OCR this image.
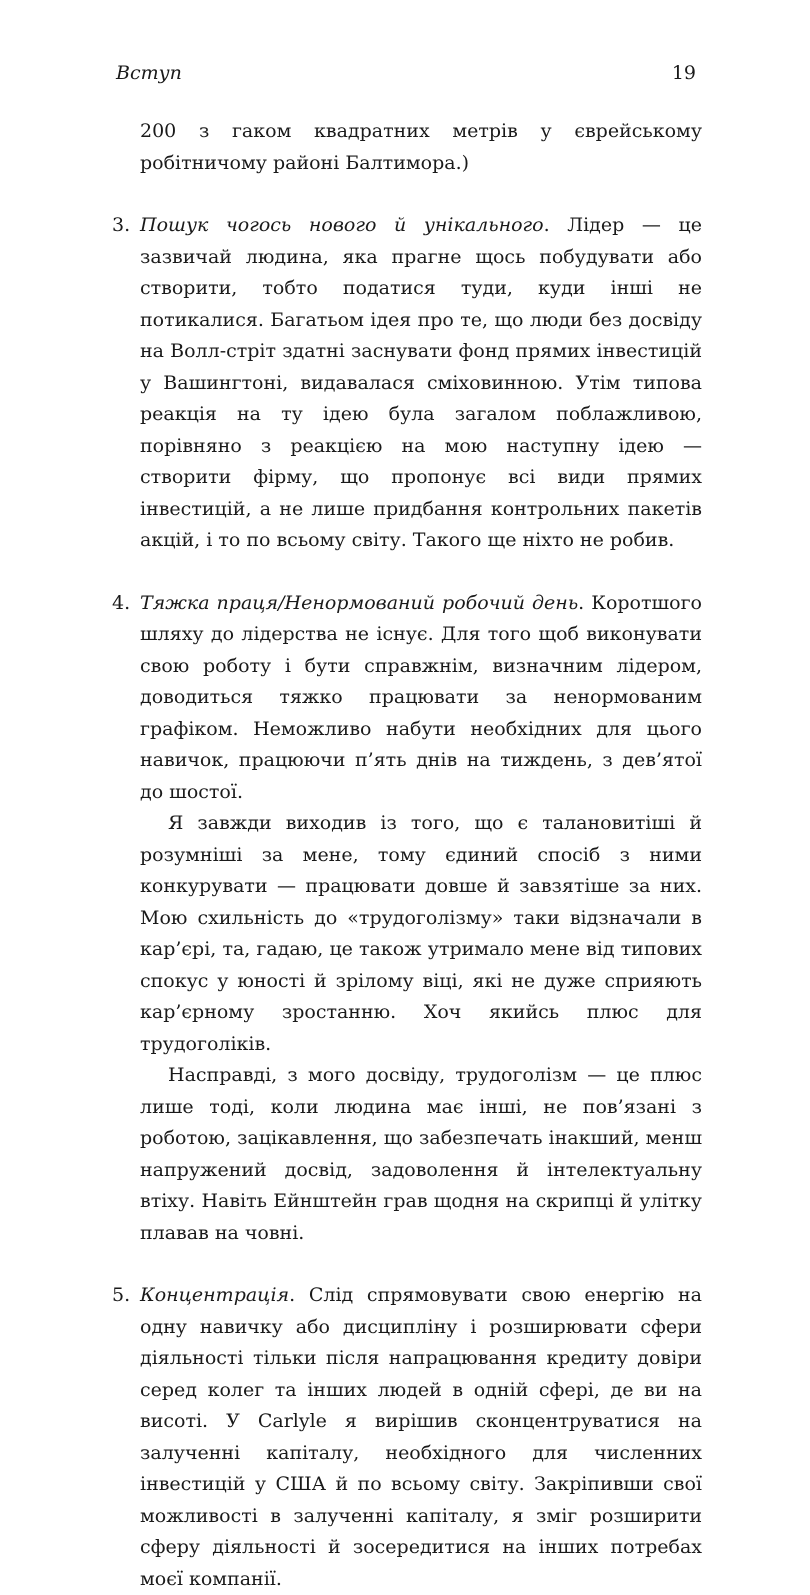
Вступ	19

200 з гаком квадратних метрів у єврейському робітничому районі Балтимора.)

3. Пошук чогось нового й унікального. Лідер — це зазвичай людина, яка прагне щось побудувати або створити, тобто податися туди, куди інші не потикалися. Багатьом ідея про те, що люди без досвіду на Волл-стріт здатні заснувати фонд прямих інвестицій у Вашингтоні, видавалася сміховинною. Утім типова реакція на ту ідею була загалом поблажливою, порівняно з реакцією на мою наступну ідею — створити фірму, що пропонує всі види прямих інвестицій, а не лише придбання контрольних пакетів акцій, і то по всьому світу. Такого ще ніхто не робив.

4. Тяжка праця/Ненормований робочий день. Коротшого шляху до лідерства не існує. Для того щоб виконувати свою роботу і бути справжнім, визначним лідером, доводиться тяжко працювати за ненормованим графіком. Неможливо набути необхідних для цього навичок, працюючи п’ять днів на тиждень, з дев’ятої до шостої.

Я завжди виходив із того, що є талановитіші й розумніші за мене, тому єдиний спосіб з ними конкурувати — працювати довше й завзятіше за них. Мою схильність до «трудоголізму» таки відзначали в кар’єрі, та, гадаю, це також утримало мене від типових спокус у юності й зрілому віці, які не дуже сприяють кар’єрному зростанню. Хоч якийсь плюс для трудоголіків.

Насправді, з мого досвіду, трудоголізм — це плюс лише тоді, коли людина має інші, не пов’язані з роботою, зацікавлення, що забезпечать інакший, менш напружений досвід, задоволення й інтелектуальну втіху. Навіть Ейнштейн грав щодня на скрипці й улітку плавав на човні.

5. Концентрація. Слід спрямовувати свою енергію на одну навичку або дисципліну і розширювати сфери діяльності тільки після напрацювання кредиту довіри серед колег та інших людей в одній сфері, де ви на висоті. У Carlyle я вирішив сконцентруватися на залученні капіталу, необхідного для численних інвестицій у США й по всьому світу. Закріпивши свої можливості в залученні капіталу, я зміг розширити сферу діяльності й зосередитися на інших потребах моєї компанії.
